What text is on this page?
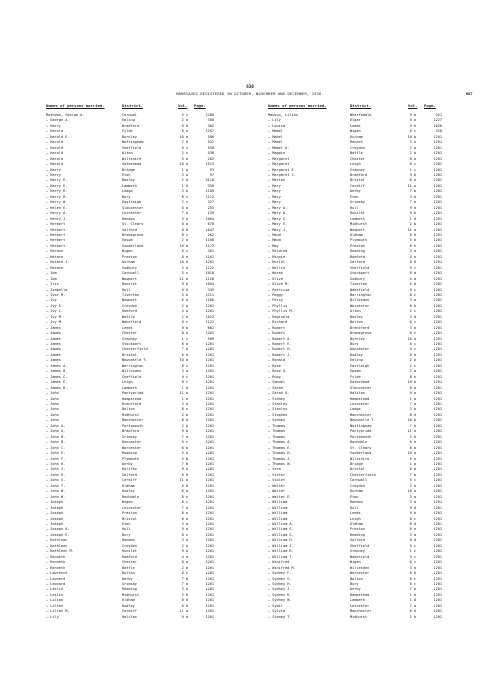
630
MARRIAGES REGISTERED IN OCTOBER, NOVEMBER AND DECEMBER, 1936.	MAT
Names of persons married.	District.	Vol. Page.	Names of persons married.	District.	Vol. Page.
Mathews, George A.	Cornwal	5 c	2288
— George A.	Ealing	2 a	358
— Harry	Bradford	9 b	362
— Harold	Fylde	8 e	1297
— Harold E.	Burnley	10 a	596
— Harold	Nottingham	7 b	532
— Harold	Sheffield	9 c	558
— Harold	Alton	2 c	538
— Harold	Wiltshire	5 a	282
— Harold	Gateshead	10 a	1513
— Harry	Bridge	1 a	93
— Harry	Eton	3 a	97
— Harry E.	Bexley	2 d	3118
— Harry E.	Lambeth	1 d	350
— Harry R.	Lodge	3 b	1189
— Harry R.	Bury	8 c	1112
— Harry W.	Eastleigh	2 c	327
— Helen E.	Gloucester	6 a	255
— Henry A.	Leicester	7 a	139
— Henry J.	Hendon	3 a	1064
— Herbert	St. Clears	8 a	670
— Herbert	Salford	8 d	1047
— Herbert	Bromsgrove	6 c	262
— Herbert	Epsom	2 a	1106
— Herbert	Sunderland	10 a	1172
— Horace	Wigan	8 c	361
— Horace	Preston	8 e	1162
— Horace J.	Durham	10 a	1201
— Horace	Sudbury	4 a	1122
— Ida	Cornwall	5 c	1018
— Ida	Newport	11 a	1126
— Iris	Hunslet	9 b	1094
— Isabella	Hull	9 d	345
— Ivor M.	Tiverton	5 b	1211
— Ivy	Newport	6 a	1106
— Ivy E.	Croydon	2 a	1201
— Ivy L.	Romford	4 a	1201
— Ivy M.	Battle	2 b	1012
— Ivy M.	Wakefield	9 c	1121
— James	Leeds	9 b	662
— James	Chester	8 a	1201
— James	Stepney	1 c	589
— James	Stockport	8 a	1201
— James	Chesterfield	7 b	1201
— James	Bristol	6 a	1201
— James	Newcastle T.	10 b	1201
— James A.	Warrington	8 c	1201
— James B.	Willesden	3 a	1201
— James C.	Sheffield	9 c	1201
— James E.	Leigh	8 c	1201
— James H.	Lambeth	1 d	1201
— John	Pontypridd	11 a	1201
— John	Hampstead	1 a	1201
— John	Brentford	3 a	1201
— John	Bolton	8 c	1201
— John	Midhurst	2 b	1201
— John	Manchester	8 d	1201
— John A.	Portsmouth	2 b	1201
— John A.	Bradford	9 b	1201
— John B.	Grimsby	7 a	1201
— John B.	Doncaster	9 c	1201
— John C.	Worcester	6 b	1201
— John E.	Reading	3 a	1201
— John F.	Plymouth	5 b	1201
— John H.	Derby	7 b	1201
— John J.	Halifax	9 a	1201
— John R.	Salford	8 d	1201
— John S.	Cardiff	11 a	1201
— John T.	Oldham	8 d	1201
— John W.	Dudley	6 b	1201
— John W.	Rochdale	8 e	1201
— Joseph	Wigan	8 c	1201
— Joseph	Leicester	7 a	1201
— Joseph	Preston	8 e	1201
— Joseph	Bristol	6 a	1201
— Joseph	Eton	3 a	1201
— Joseph A.	Hull	9 d	1201
— Joseph E.	Bury	8 c	1201
— Kathleen	Hendon	3 a	1201
— Kathleen	Croydon	2 a	1201
— Kathleen M.	Hunslet	9 b	1201
— Kenneth	Romford	4 a	1201
— Kenneth	Chester	8 a	1201
— Kenneth	Battle	2 b	1201
— Lawrence	Bolton	8 c	1201
— Leonard	Derby	7 b	1201
— Leonard	Grimsby	7 a	1201
— Leslie	Reading	3 a	1201
— Leslie	Midhurst	2 b	1201
— Lilian	Oldham	8 d	1201
— Lilian	Dudley	6 b	1201
— Lilian M.	Cardiff	11 a	1201
— Lily	Halifax	9 a	1201
Mawson, Lilian	Wharfedale	9 a	321
— Lily	Elgar	9 a	1227
— Louisa	Leeds	9 b	1020
— Mabel	Wigan	8 c	328
— Mabel	Durham	10 a	1201
— Mabel	Hendon	3 a	1201
— Mabel A.	Croydon	2 a	1201
— Maggie	Battle	2 b	1201
— Margaret	Chester	8 a	1201
— Margaret	Leigh	8 c	1201
— Margaret E.	Stepney	1 c	1201
— Margaret J.	Bradford	9 b	1201
— Marion	Bristol	6 a	1201
— Mary	Cardiff	11 a	1201
— Mary	Derby	7 b	1201
— Mary	Eton	3 a	1201
— Mary	Grimsby	7 a	1201
— Mary A.	Hull	9 d	1201
— Mary A.	Hunslet	9 b	1201
— Mary E.	Lambeth	1 d	1201
— Mary E.	Midhurst	2 b	1201
— Mary J.	Newport	11 a	1201
— Maud	Oldham	8 d	1201
— Maud	Plymouth	5 b	1201
— May	Preston	8 e	1201
— Mildred	Reading	3 a	1201
— Minnie	Romford	4 a	1201
— Muriel	Salford	8 d	1201
— Nellie	Sheffield	9 c	1201
— Norah	Stockport	8 a	1201
— Olive	Sudbury	4 a	1201
— Olive M.	Tiverton	5 b	1201
— Patricia	Wakefield	9 c	1201
— Peggy	Warrington	8 c	1201
— Percy	Willesden	3 a	1201
— Phyllis	Worcester	6 b	1201
— Phyllis M.	Alton	2 c	1201
— Reginald	Bexley	2 d	1201
— Richard	Bolton	8 c	1201
— Robert	Brentford	3 a	1201
— Robert	Bromsgrove	6 c	1201
— Robert A.	Burnley	10 a	1201
— Robert E.	Bury	8 c	1201
— Robert H.	Doncaster	9 c	1201
— Robert J.	Dudley	6 b	1201
— Ronald	Ealing	2 a	1201
— Rose	Eastleigh	2 c	1201
— Rose A.	Epsom	2 a	1201
— Ruby	Fylde	8 e	1201
— Samuel	Gateshead	10 a	1201
— Sarah	Gloucester	6 a	1201
— Sarah A.	Halifax	9 a	1201
— Sidney	Hampstead	1 a	1201
— Stanley	Leicester	7 a	1201
— Stanley	Lodge	3 b	1201
— Stephen	Manchester	8 d	1201
— Sydney	Newcastle T.	10 b	1201
— Thomas	Nottingham	7 b	1201
— Thomas	Pontypridd	11 a	1201
— Thomas	Portsmouth	2 b	1201
— Thomas A.	Rochdale	8 e	1201
— Thomas E.	St. Clears	8 a	1201
— Thomas H.	Sunderland	10 a	1201
— Thomas J.	Wiltshire	5 a	1201
— Thomas W.	Bridge	1 a	1201
— Vera	Bristol	6 a	1201
— Victor	Chesterfield	7 b	1201
— Violet	Cornwall	5 c	1201
— Walter	Croydon	2 a	1201
— Walter	Durham	10 a	1201
— Walter E.	Eton	3 a	1201
— William	Hendon	3 a	1201
— William	Hull	9 d	1201
— William	Leeds	9 b	1201
— William	Leigh	8 c	1201
— William A.	Oldham	8 d	1201
— William E.	Preston	8 e	1201
— William G.	Reading	3 a	1201
— William H.	Salford	8 d	1201
— William J.	Sheffield	9 c	1201
— William R.	Stepney	1 c	1201
— William T.	Wakefield	9 c	1201
— Winifred	Wigan	8 c	1201
— Winifred M.	Willesden	3 a	1201
— Sydney F.	Worcester	6 b	1201
— Sydney G.	Bolton	8 c	1201
— Sydney H.	Bury	8 c	1201
— Sydney J.	Derby	7 b	1201
— Sydney R.	Hampstead	1 a	1201
— Sydney W.	Lambeth	1 d	1201
— Sybil	Leicester	7 a	1201
— Sylvia	Manchester	8 d	1201
— Sidney T.	Midhurst	2 b	1201
